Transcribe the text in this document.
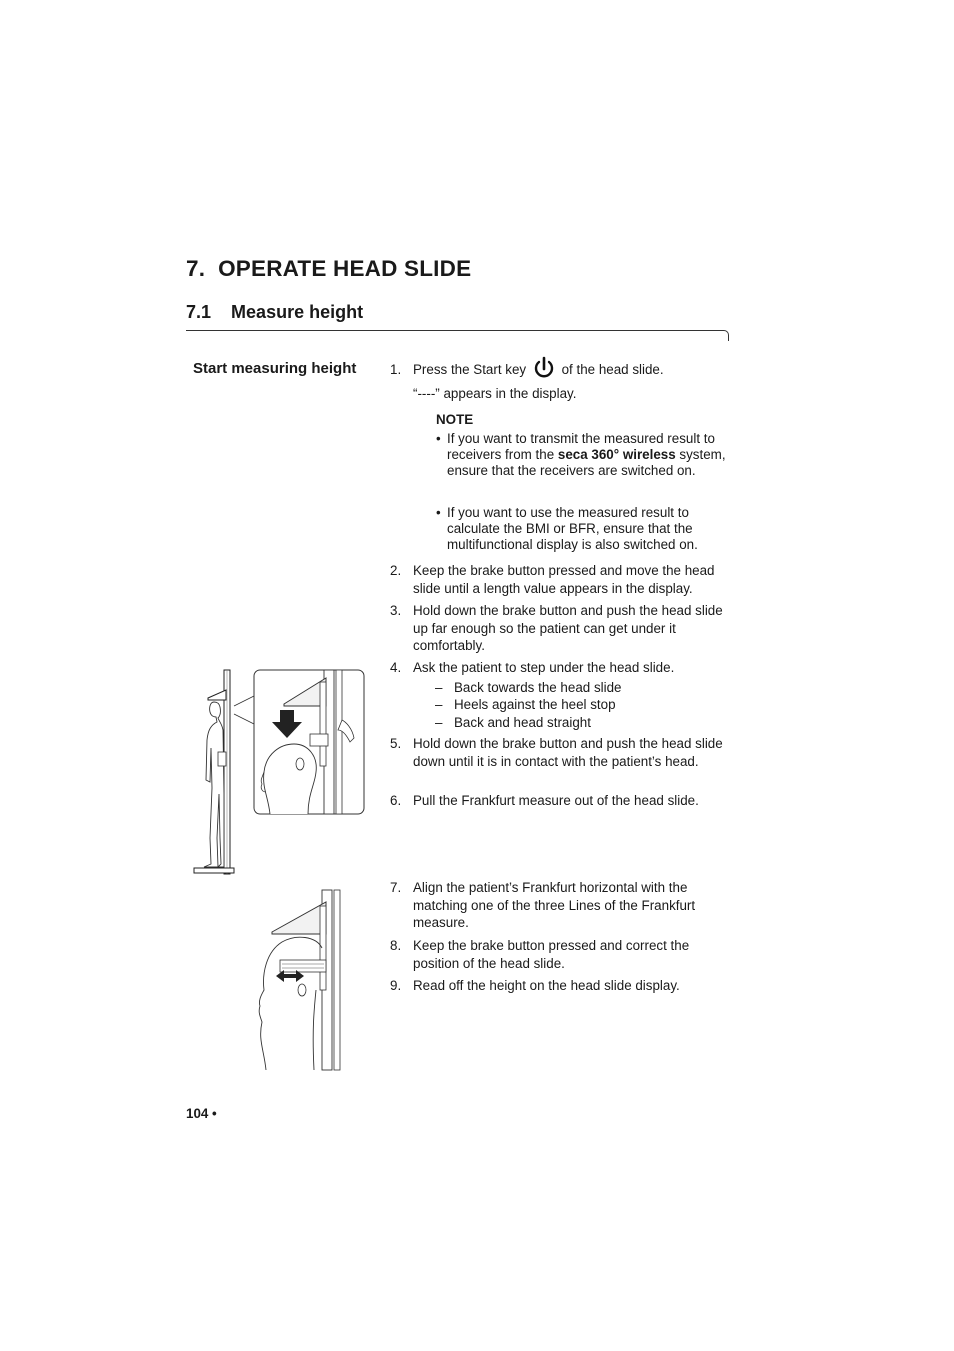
7. OPERATE HEAD SLIDE
7.1 Measure height
Start measuring height	1. Press the Start key	of the head slide.
“----” appears in the display.
NOTE
• If you want to transmit the measured result to receivers from the seca 360° wireless system, ensure that the receivers are switched on.
• If you want to use the measured result to calculate the BMI or BFR, ensure that the multifunctional display is also switched on.
2. Keep the brake button pressed and move the head slide until a length value appears in the display.
3. Hold down the brake button and push the head slide up far enough so the patient can get under it comfortably.
4. Ask the patient to step under the head slide.
– Back towards the head slide
– Heels against the heel stop
– Back and head straight
5. Hold down the brake button and push the head slide down until it is in contact with the patient’s head.
6. Pull the Frankfurt measure out of the head slide.
7. Align the patient’s Frankfurt horizontal with the matching one of the three Lines of the Frankfurt measure.
8. Keep the brake button pressed and correct the position of the head slide.
9. Read off the height on the head slide display.
104 •
